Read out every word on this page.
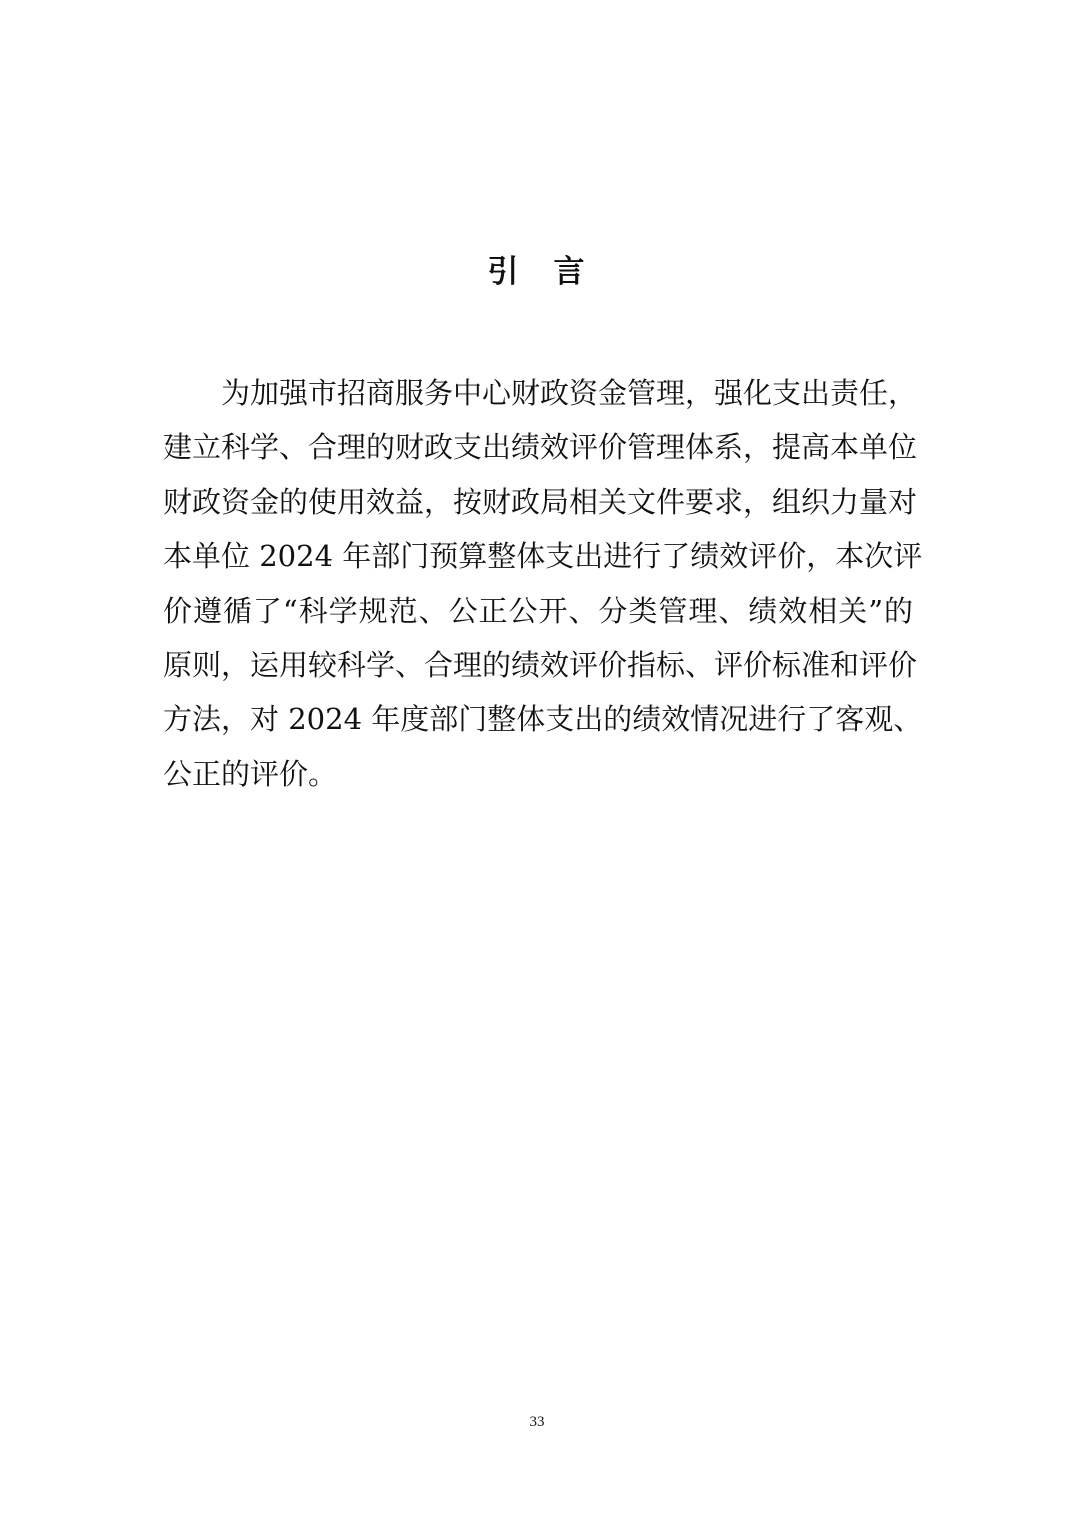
引　言
为加强市招商服务中心财政资金管理，强化支出责任，
建立科学、合理的财政支出绩效评价管理体系，提高本单位
财政资金的使用效益，按财政局相关文件要求，组织力量对
本单位 2024 年部门预算整体支出进行了绩效评价，本次评
价遵循了“科学规范、公正公开、分类管理、绩效相关”的
原则，运用较科学、合理的绩效评价指标、评价标准和评价
方法，对 2024 年度部门整体支出的绩效情况进行了客观、
公正的评价。
33
